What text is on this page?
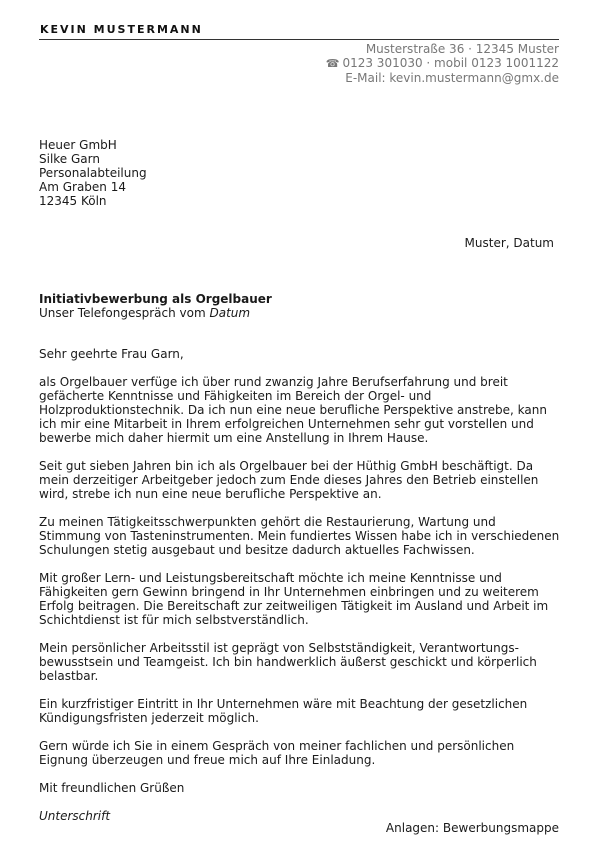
KEVIN MUSTERMANN
Musterstraße 36 · 12345 Muster
☎ 0123 301030 · mobil 0123 1001122
E-Mail: kevin.mustermann@gmx.de
Heuer GmbH
Silke Garn
Personalabteilung
Am Graben 14
12345 Köln
Muster, Datum
Initiativbewerbung als Orgelbauer
Unser Telefongespräch vom Datum

Sehr geehrte Frau Garn,

als Orgelbauer verfüge ich über rund zwanzig Jahre Berufserfahrung und breit gefächerte Kenntnisse und Fähigkeiten im Bereich der Orgel- und Holzproduktionstechnik. Da ich nun eine neue berufliche Perspektive anstrebe, kann ich mir eine Mitarbeit in Ihrem erfolgreichen Unternehmen sehr gut vorstellen und bewerbe mich daher hiermit um eine Anstellung in Ihrem Hause.

Seit gut sieben Jahren bin ich als Orgelbauer bei der Hüthig GmbH beschäftigt. Da mein derzeitiger Arbeitgeber jedoch zum Ende dieses Jahres den Betrieb einstellen wird, strebe ich nun eine neue berufliche Perspektive an.

Zu meinen Tätigkeitsschwerpunkten gehört die Restaurierung, Wartung und Stimmung von Tasteninstrumenten. Mein fundiertes Wissen habe ich in verschiedenen Schulungen stetig ausgebaut und besitze dadurch aktuelles Fachwissen.

Mit großer Lern- und Leistungsbereitschaft möchte ich meine Kenntnisse und Fähigkeiten gern Gewinn bringend in Ihr Unternehmen einbringen und zu weiterem Erfolg beitragen. Die Bereitschaft zur zeitweiligen Tätigkeit im Ausland und Arbeit im Schichtdienst ist für mich selbstverständlich.

Mein persönlicher Arbeitsstil ist geprägt von Selbstständigkeit, Verantwortungs-bewusstsein und Teamgeist. Ich bin handwerklich äußerst geschickt und körperlich belastbar.

Ein kurzfristiger Eintritt in Ihr Unternehmen wäre mit Beachtung der gesetzlichen Kündigungsfristen jederzeit möglich.

Gern würde ich Sie in einem Gespräch von meiner fachlichen und persönlichen Eignung überzeugen und freue mich auf Ihre Einladung.

Mit freundlichen Grüßen

Unterschrift

Anlagen: Bewerbungsmappe
